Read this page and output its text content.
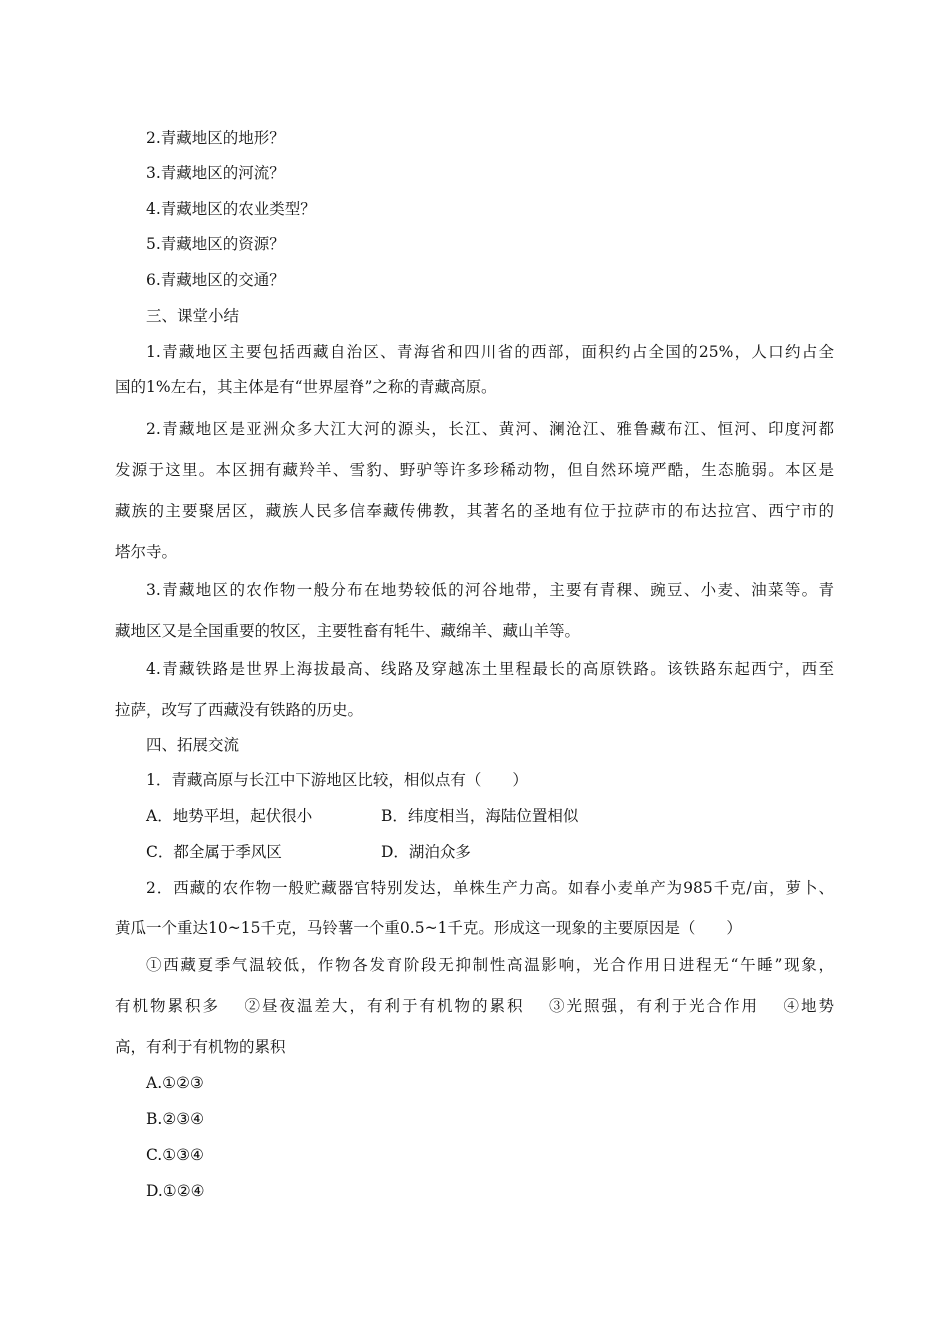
2.青藏地区的地形？
3.青藏地区的河流？
4.青藏地区的农业类型？
5.青藏地区的资源？
6.青藏地区的交通？
三、课堂小结
1.青藏地区主要包括西藏自治区、青海省和四川省的西部，面积约占全国的25%，人口约占全
国的1%左右，其主体是有“世界屋脊”之称的青藏高原。
2.青藏地区是亚洲众多大江大河的源头，长江、黄河、澜沧江、雅鲁藏布江、恒河、印度河都
发源于这里。本区拥有藏羚羊、雪豹、野驴等许多珍稀动物，但自然环境严酷，生态脆弱。本区是
藏族的主要聚居区，藏族人民多信奉藏传佛教，其著名的圣地有位于拉萨市的布达拉宫、西宁市的
塔尔寺。
3.青藏地区的农作物一般分布在地势较低的河谷地带，主要有青稞、豌豆、小麦、油菜等。青
藏地区又是全国重要的牧区，主要牲畜有牦牛、藏绵羊、藏山羊等。
4.青藏铁路是世界上海拔最高、线路及穿越冻土里程最长的高原铁路。该铁路东起西宁，西至
拉萨，改写了西藏没有铁路的历史。
四、拓展交流
1．青藏高原与长江中下游地区比较，相似点有（　　）
A．地势平坦，起伏很小	B．纬度相当，海陆位置相似
C．都全属于季风区	D．湖泊众多
2．西藏的农作物一般贮藏器官特别发达，单株生产力高。如春小麦单产为985千克/亩，萝卜、
黄瓜一个重达10~15千克，马铃薯一个重0.5~1千克。形成这一现象的主要原因是（　　）
①西藏夏季气温较低，作物各发育阶段无抑制性高温影响，光合作用日进程无“午睡”现象，
有机物累积多　 ②昼夜温差大，有利于有机物的累积　 ③光照强，有利于光合作用　 ④地势
高，有利于有机物的累积
A.①②③
B.②③④
C.①③④
D.①②④
